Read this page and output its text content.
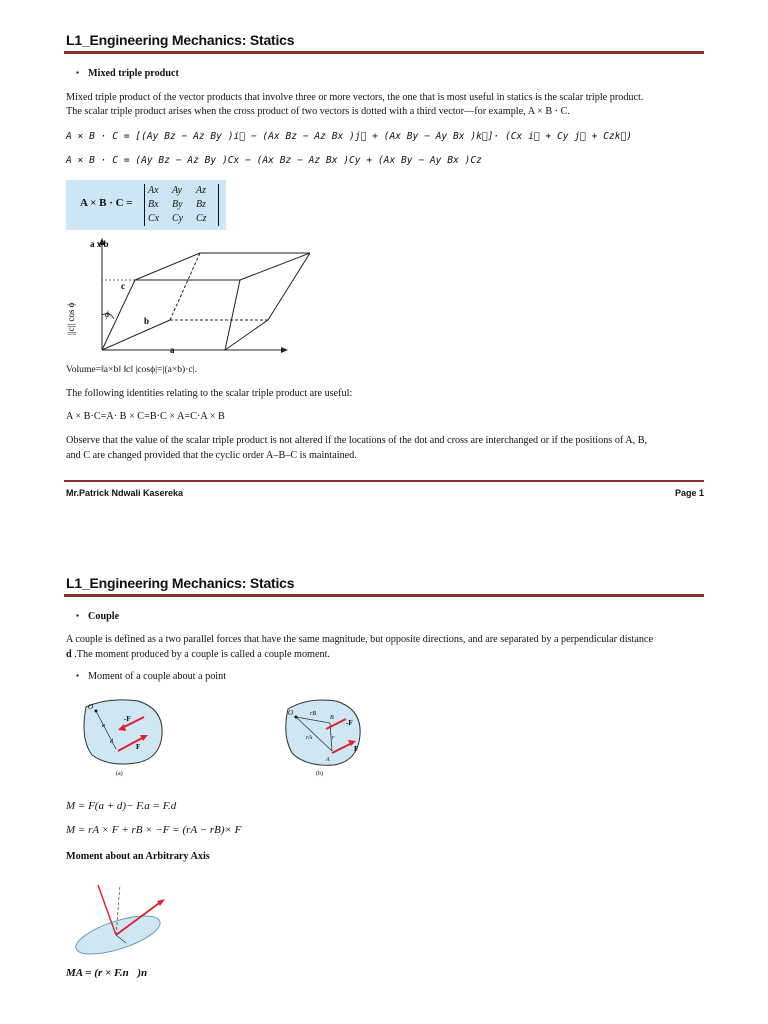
L1_Engineering Mechanics: Statics
▪ Mixed triple product
Mixed triple product of the vector products that involve three or more vectors, the one that is most useful in statics is the scalar triple product.
The scalar triple product arises when the cross product of two vectors is dotted with a third vector—for example, A × B · C.
A × B · C = [(Ay Bz − Az By )i⃗ − (Ax Bz − Az Bx )j⃗ + (Ax By − Ay Bx )k⃗]· (Cx i⃗ + Cy j⃗ + Czk⃗)
A × B · C = (Ay Bz − Az By )Cx − (Ax Bz − Az Bx )Cy + (Ax By − Ay Bx )Cz
A × B · C =
Ax Ay Az
Bx By Bz
Cx Cy Cz
a x b
c
ϕ
b
a
||c|| cos ϕ
Volume=‖a×b‖ ‖c‖ |cosϕ|=|(a×b)·c|.
The following identities relating to the scalar triple product are useful:
A × B·C=A· B × C=B·C × A=C·A × B
Observe that the value of the scalar triple product is not altered if the locations of the dot and cross are interchanged or if the positions of A, B,
and C are changed provided that the cyclic order A–B–C is maintained.
Mr.Patrick Ndwali Kasereka	Page 1
L1_Engineering Mechanics: Statics
▪ Couple
A couple is defined as a two parallel forces that have the same magnitude, but opposite directions, and are separated by a perpendicular distance
d .The moment produced by a couple is called a couple moment.
▪ Moment of a couple about a point
O
-F
F
a
d
(a)
O	rB
B
-F
rA	r
A
F
(b)
M = F(a + d)− F.a = F.d
M = rA × F + rB × −F = (rA − rB)× F
Moment about an Arbitrary Axis
MA = (r × F.n⃗)n⃗
